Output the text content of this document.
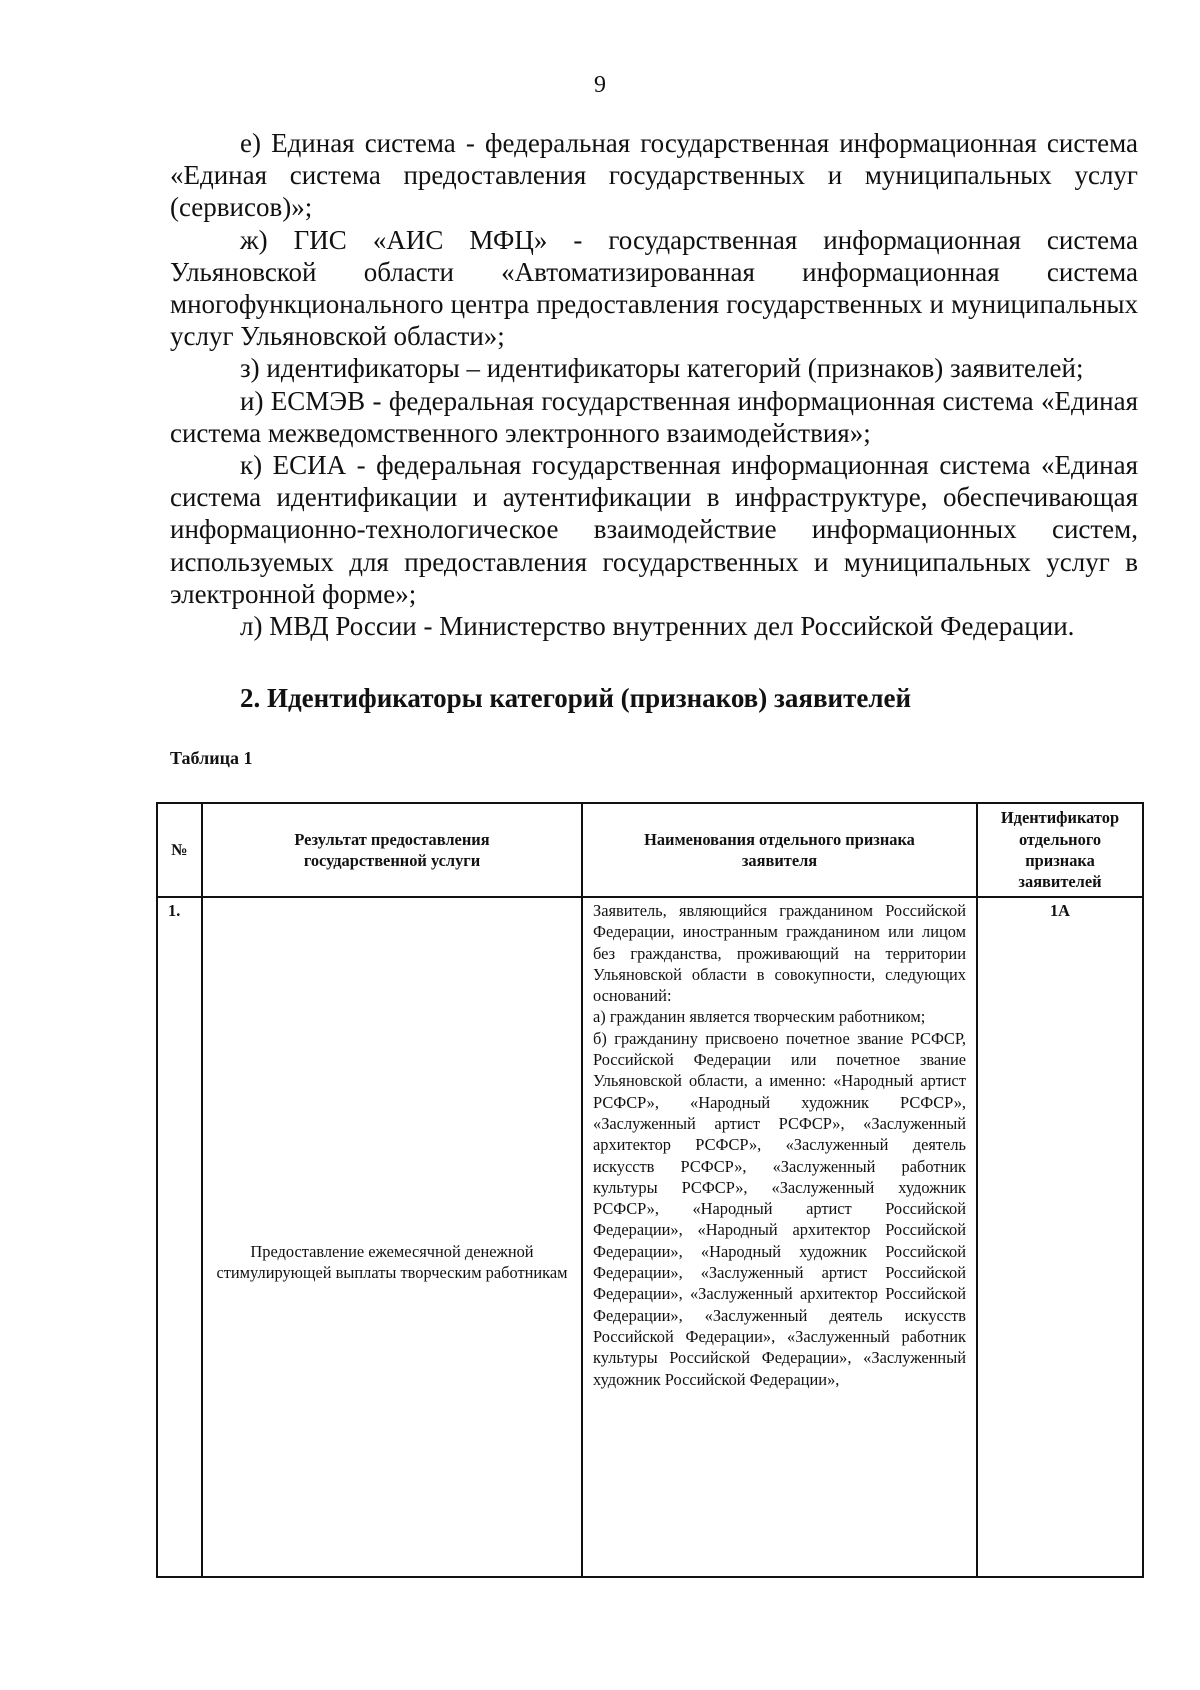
9

е) Единая система - федеральная государственная информационная система «Единая система предоставления государственных и муниципальных услуг (сервисов)»;

ж) ГИС «АИС МФЦ» - государственная информационная система Ульяновской области «Автоматизированная информационная система многофункционального центра предоставления государственных и муниципальных услуг Ульяновской области»;

з) идентификаторы – идентификаторы категорий (признаков) заявителей;

и) ЕСМЭВ - федеральная государственная информационная система «Единая система межведомственного электронного взаимодействия»;

к) ЕСИА - федеральная государственная информационная система «Единая система идентификации и аутентификации в инфраструктуре, обеспечивающая информационно-технологическое взаимодействие информационных систем, используемых для предоставления государственных и муниципальных услуг в электронной форме»;

л) МВД России - Министерство внутренних дел Российской Федерации.

2. Идентификаторы категорий (признаков) заявителей
Таблица 1
№	Результат предоставления государственной услуги	Наименования отдельного признака заявителя	Идентификатор отдельного признака заявителей
1.	Предоставление ежемесячной денежной стимулирующей выплаты творческим работникам	Заявитель, являющийся гражданином Российской Федерации, иностранным гражданином или лицом без гражданства, проживающий на территории Ульяновской области в совокупности, следующих оснований:
а) гражданин является творческим работником;
б) гражданину присвоено почетное звание РСФСР, Российской Федерации или почетное звание Ульяновской области, а именно: «Народный артист РСФСР», «Народный художник РСФСР», «Заслуженный артист РСФСР», «Заслуженный архитектор РСФСР», «Заслуженный деятель искусств РСФСР», «Заслуженный работник культуры РСФСР», «Заслуженный художник РСФСР», «Народный артист Российской Федерации», «Народный архитектор Российской Федерации», «Народный художник Российской Федерации», «Заслуженный артист Российской Федерации», «Заслуженный архитектор Российской Федерации», «Заслуженный деятель искусств Российской Федерации», «Заслуженный работник культуры Российской Федерации», «Заслуженный художник Российской Федерации»,	1А
